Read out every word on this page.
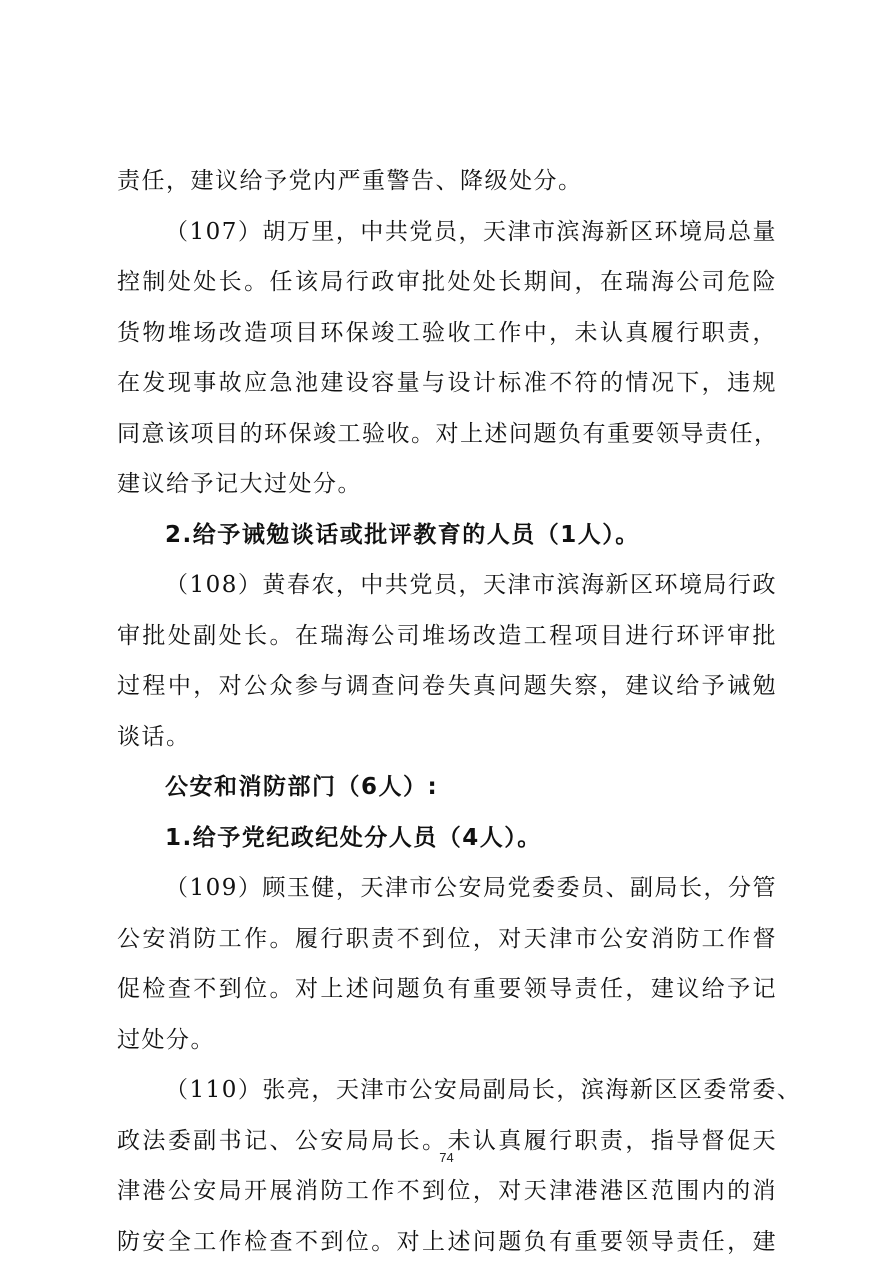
责任，建议给予党内严重警告、降级处分。
（107）胡万里，中共党员，天津市滨海新区环境局总量
控制处处长。任该局行政审批处处长期间，在瑞海公司危险
货物堆场改造项目环保竣工验收工作中，未认真履行职责，
在发现事故应急池建设容量与设计标准不符的情况下，违规
同意该项目的环保竣工验收。对上述问题负有重要领导责任，
建议给予记大过处分。
2.给予诫勉谈话或批评教育的人员（1人）。
（108）黄春农，中共党员，天津市滨海新区环境局行政
审批处副处长。在瑞海公司堆场改造工程项目进行环评审批
过程中，对公众参与调查问卷失真问题失察，建议给予诫勉
谈话。
公安和消防部门（6人）:
1.给予党纪政纪处分人员（4人）。
（109）顾玉健，天津市公安局党委委员、副局长，分管
公安消防工作。履行职责不到位，对天津市公安消防工作督
促检查不到位。对上述问题负有重要领导责任，建议给予记
过处分。
（110）张亮，天津市公安局副局长，滨海新区区委常委、
政法委副书记、公安局局长。未认真履行职责，指导督促天
津港公安局开展消防工作不到位，对天津港港区范围内的消
防安全工作检查不到位。对上述问题负有重要领导责任，建
74
